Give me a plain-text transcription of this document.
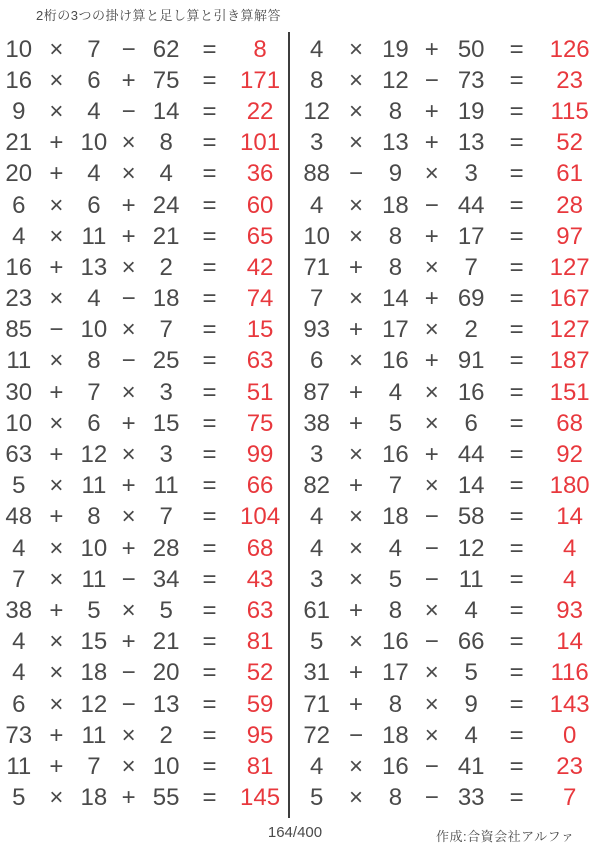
2桁の3つの掛け算と足し算と引き算解答
10 × 7 − 62 = 8
16 × 6 + 75 = 171
9 × 4 − 14 = 22
21 + 10 × 8 = 101
20 + 4 × 4 = 36
6 × 6 + 24 = 60
4 × 11 + 21 = 65
16 + 13 × 2 = 42
23 × 4 − 18 = 74
85 − 10 × 7 = 15
11 × 8 − 25 = 63
30 + 7 × 3 = 51
10 × 6 + 15 = 75
63 + 12 × 3 = 99
5 × 11 + 11 = 66
48 + 8 × 7 = 104
4 × 10 + 28 = 68
7 × 11 − 34 = 43
38 + 5 × 5 = 63
4 × 15 + 21 = 81
4 × 18 − 20 = 52
6 × 12 − 13 = 59
73 + 11 × 2 = 95
11 + 7 × 10 = 81
5 × 18 + 55 = 145
4 × 19 + 50 = 126
8 × 12 − 73 = 23
12 × 8 + 19 = 115
3 × 13 + 13 = 52
88 − 9 × 3 = 61
4 × 18 − 44 = 28
10 × 8 + 17 = 97
71 + 8 × 7 = 127
7 × 14 + 69 = 167
93 + 17 × 2 = 127
6 × 16 + 91 = 187
87 + 4 × 16 = 151
38 + 5 × 6 = 68
3 × 16 + 44 = 92
82 + 7 × 14 = 180
4 × 18 − 58 = 14
4 × 4 − 12 = 4
3 × 5 − 11 = 4
61 + 8 × 4 = 93
5 × 16 − 66 = 14
31 + 17 × 5 = 116
71 + 8 × 9 = 143
72 − 18 × 4 = 0
4 × 16 − 41 = 23
5 × 8 − 33 = 7
164/400	作成:合資会社アルファ
